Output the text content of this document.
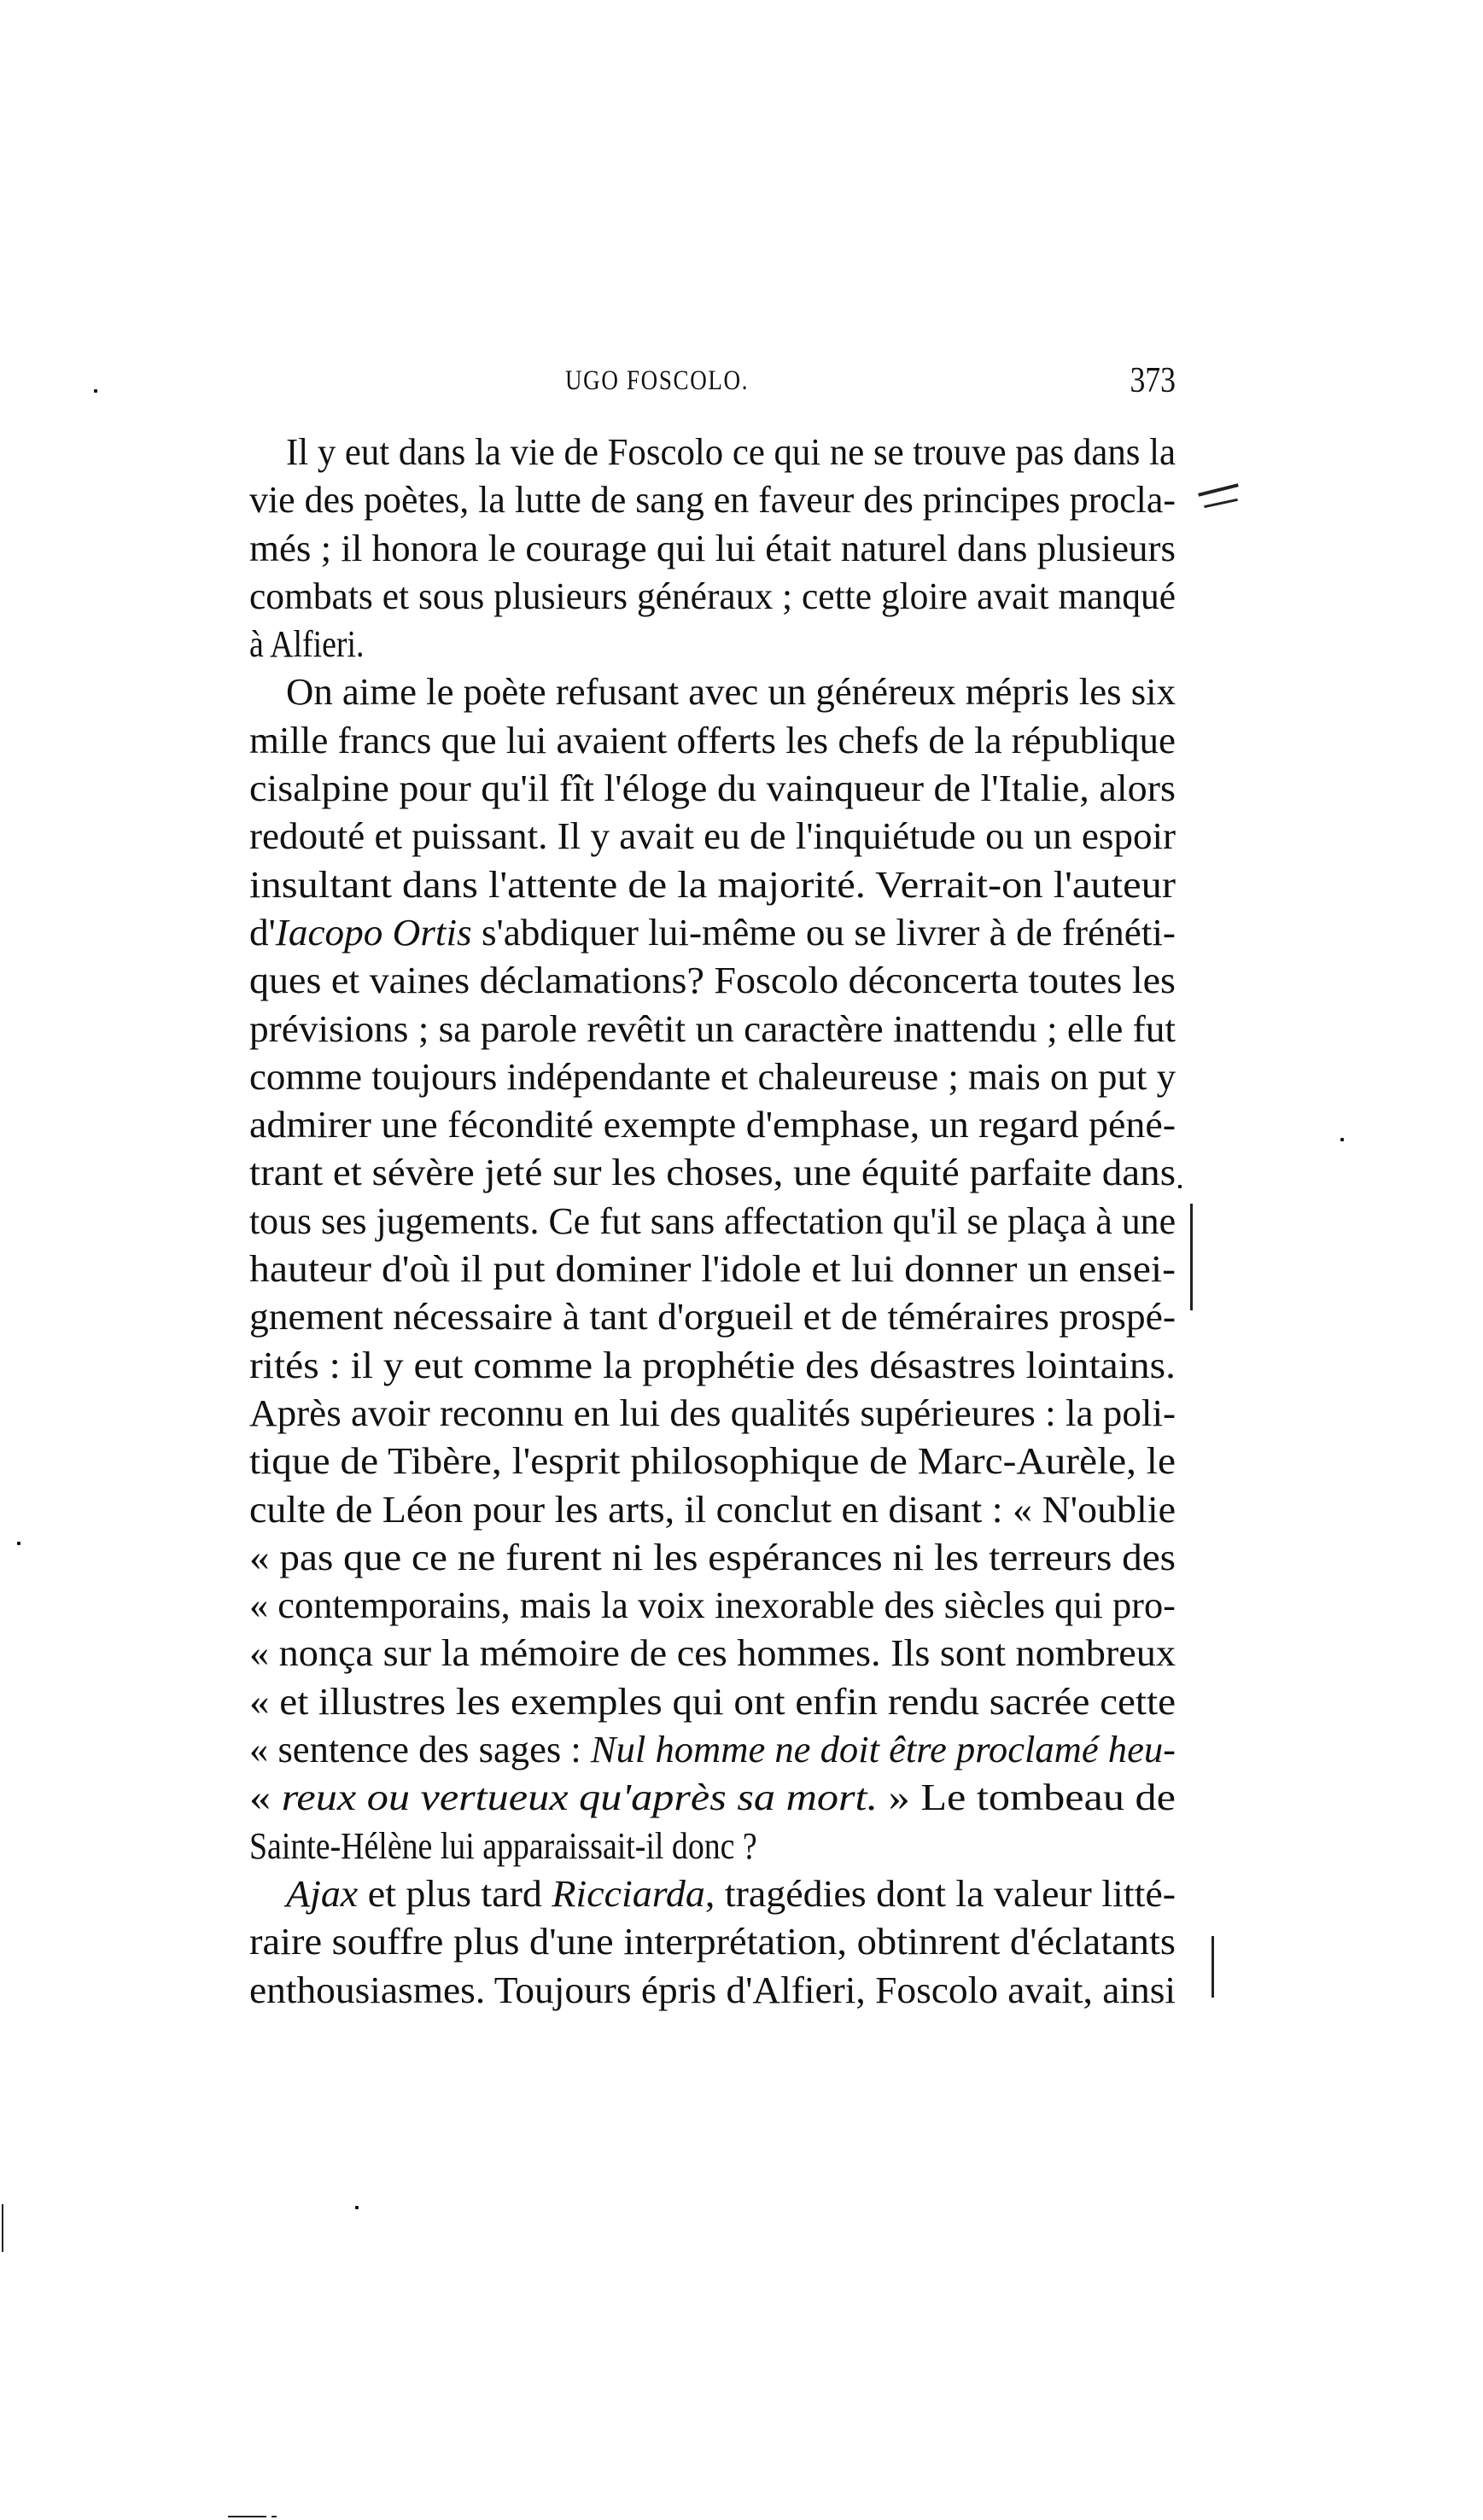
UGO FOSCOLO.	373
Il y eut dans la vie de Foscolo ce qui ne se trouve pas dans la
vie des poètes, la lutte de sang en faveur des principes procla-
més ; il honora le courage qui lui était naturel dans plusieurs
combats et sous plusieurs généraux ; cette gloire avait manqué
à Alfieri.
On aime le poète refusant avec un généreux mépris les six
mille francs que lui avaient offerts les chefs de la république
cisalpine pour qu'il fît l'éloge du vainqueur de l'Italie, alors
redouté et puissant. Il y avait eu de l'inquiétude ou un espoir
insultant dans l'attente de la majorité. Verrait-on l'auteur
d'Iacopo Ortis s'abdiquer lui-même ou se livrer à de frénéti-
ques et vaines déclamations? Foscolo déconcerta toutes les
prévisions ; sa parole revêtit un caractère inattendu ; elle fut
comme toujours indépendante et chaleureuse ; mais on put y
admirer une fécondité exempte d'emphase, un regard péné-
trant et sévère jeté sur les choses, une équité parfaite dans
tous ses jugements. Ce fut sans affectation qu'il se plaça à une
hauteur d'où il put dominer l'idole et lui donner un ensei-
gnement nécessaire à tant d'orgueil et de téméraires prospé-
rités : il y eut comme la prophétie des désastres lointains.
Après avoir reconnu en lui des qualités supérieures : la poli-
tique de Tibère, l'esprit philosophique de Marc-Aurèle, le
culte de Léon pour les arts, il conclut en disant : « N'oublie
« pas que ce ne furent ni les espérances ni les terreurs des
« contemporains, mais la voix inexorable des siècles qui pro-
« nonça sur la mémoire de ces hommes. Ils sont nombreux
« et illustres les exemples qui ont enfin rendu sacrée cette
« sentence des sages : Nul homme ne doit être proclamé heu-
« reux ou vertueux qu'après sa mort. » Le tombeau de
Sainte-Hélène lui apparaissait-il donc ?
Ajax et plus tard Ricciarda, tragédies dont la valeur litté-
raire souffre plus d'une interprétation, obtinrent d'éclatants
enthousiasmes. Toujours épris d'Alfieri, Foscolo avait, ainsi
